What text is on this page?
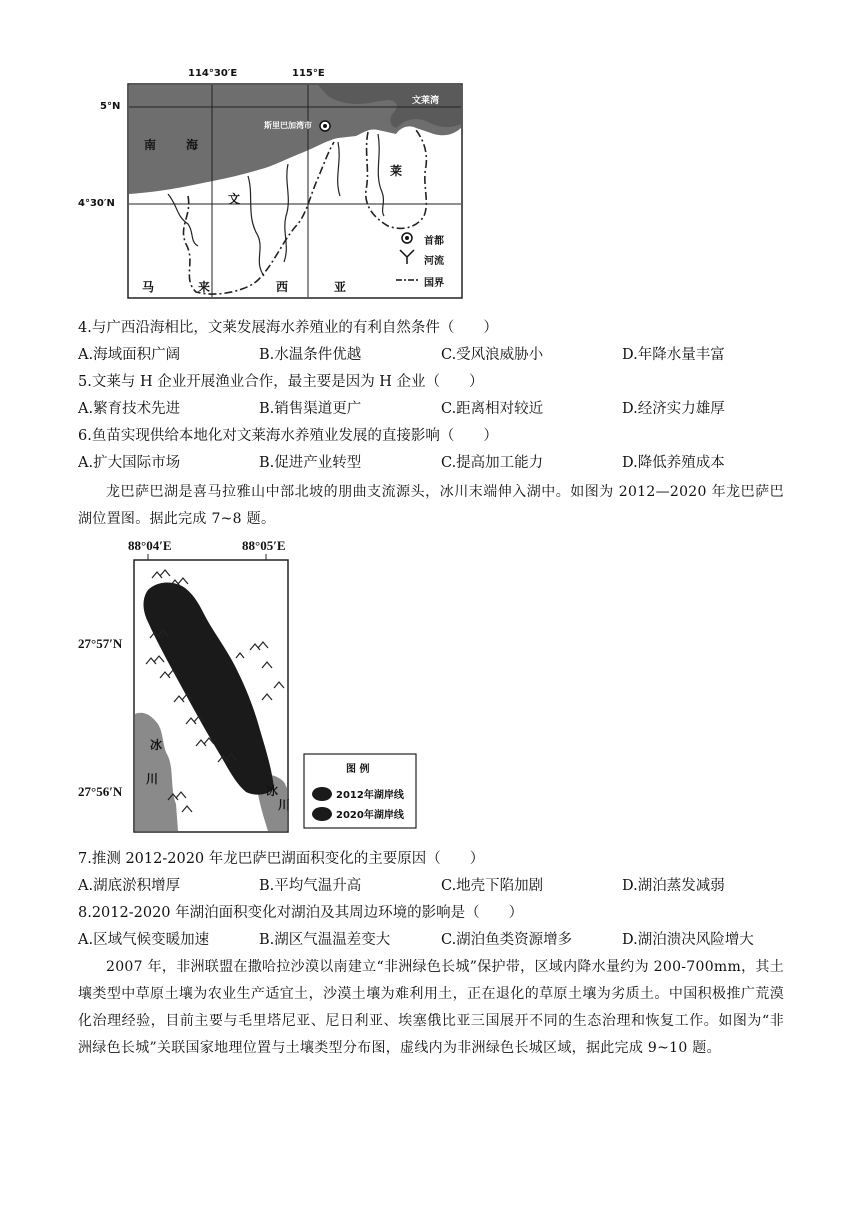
114°30′E	115°E
5°N
4°30′N
南 海
文莱湾
斯里巴加湾市
文
莱
马	来	西	亚
首都
河流
国界
4.与广西沿海相比，文莱发展海水养殖业的有利自然条件（　　）
A.海域面积广阔	B.水温条件优越	C.受风浪威胁小	D.年降水量丰富
5.文莱与 H 企业开展渔业合作，最主要是因为 H 企业（　　）
A.繁育技术先进	B.销售渠道更广	C.距离相对较近	D.经济实力雄厚
6.鱼苗实现供给本地化对文莱海水养殖业发展的直接影响（　　）
A.扩大国际市场	B.促进产业转型	C.提高加工能力	D.降低养殖成本
龙巴萨巴湖是喜马拉雅山中部北坡的朋曲支流源头，冰川末端伸入湖中。如图为 2012—2020 年龙巴萨巴湖位置图。据此完成 7~8 题。
88°04′E	88°05′E
27°57′N
27°56′N
冰
川
冰
川
图 例
2012年湖岸线
2020年湖岸线
7.推测 2012-2020 年龙巴萨巴湖面积变化的主要原因（　　）
A.湖底淤积增厚	B.平均气温升高	C.地壳下陷加剧	D.湖泊蒸发减弱
8.2012-2020 年湖泊面积变化对湖泊及其周边环境的影响是（　　）
A.区域气候变暖加速	B.湖区气温温差变大	C.湖泊鱼类资源增多	D.湖泊溃决风险增大
2007 年，非洲联盟在撒哈拉沙漠以南建立“非洲绿色长城”保护带，区域内降水量约为 200-700mm，其土壤类型中草原土壤为农业生产适宜土，沙漠土壤为难利用土，正在退化的草原土壤为劣质土。中国积极推广荒漠化治理经验，目前主要与毛里塔尼亚、尼日利亚、埃塞俄比亚三国展开不同的生态治理和恢复工作。如图为“非洲绿色长城”关联国家地理位置与土壤类型分布图，虚线内为非洲绿色长城区域，据此完成 9~10 题。
